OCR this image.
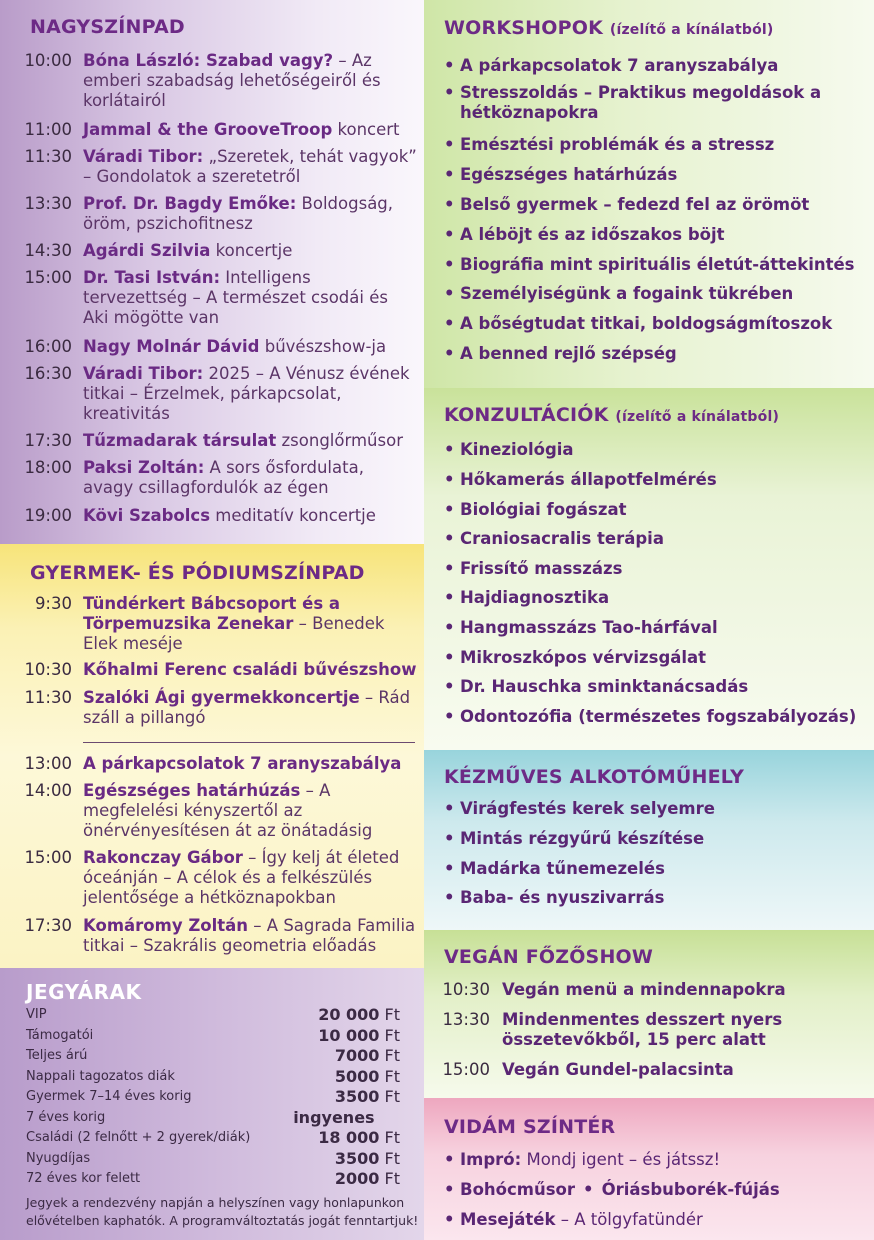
NAGYSZÍNPAD
10:00 Bóna László: Szabad vagy? – Az emberi szabadság lehetőségeiről és korlátairól
11:00 Jammal & the GrooveTroop koncert
11:30 Váradi Tibor: „Szeretek, tehát vagyok” – Gondolatok a szeretetről
13:30 Prof. Dr. Bagdy Emőke: Boldogság, öröm, pszichofitnesz
14:30 Agárdi Szilvia koncertje
15:00 Dr. Tasi István: Intelligens tervezettség – A természet csodái és Aki mögötte van
16:00 Nagy Molnár Dávid bűvészshow-ja
16:30 Váradi Tibor: 2025 – A Vénusz évének titkai – Érzelmek, párkapcsolat, kreativitás
17:30 Tűzmadarak társulat zsonglőrműsor
18:00 Paksi Zoltán: A sors ősfordulata, avagy csillagfordulók az égen
19:00 Kövi Szabolcs meditatív koncertje
GYERMEK- ÉS PÓDIUMSZÍNPAD
9:30 Tündérkert Bábcsoport és a Törpemuzsika Zenekar – Benedek Elek meséje
10:30 Kőhalmi Ferenc családi bűvészshow
11:30 Szalóki Ági gyermekkoncertje – Rád száll a pillangó
13:00 A párkapcsolatok 7 aranyszabálya
14:00 Egészséges határhúzás – A megfelelési kényszertől az önérvényesítésen át az önátadásig
15:00 Rakonczay Gábor – Így kelj át életed óceánján – A célok és a felkészülés jelentősége a hétköznapokban
17:30 Komáromy Zoltán – A Sagrada Familia titkai – Szakrális geometria előadás
JEGYÁRAK
VIP	20 000 Ft
Támogatói	10 000 Ft
Teljes árú	7000 Ft
Nappali tagozatos diák	5000 Ft
Gyermek 7–14 éves korig	3500 Ft
7 éves korig	ingyenes
Családi (2 felnőtt + 2 gyerek/diák)	18 000 Ft
Nyugdíjas	3500 Ft
72 éves kor felett	2000 Ft
Jegyek a rendezvény napján a helyszínen vagy honlapunkon elővételben kaphatók. A programváltoztatás jogát fenntartjuk!
WORKSHOPOK (ízelítő a kínálatból)
• A párkapcsolatok 7 aranyszabálya
• Stresszoldás – Praktikus megoldások a hétköznapokra
• Emésztési problémák és a stressz
• Egészséges határhúzás
• Belső gyermek – fedezd fel az örömöt
• A léböjt és az időszakos böjt
• Biográfia mint spirituális életút-áttekintés
• Személyiségünk a fogaink tükrében
• A bőségtudat titkai, boldogságmítoszok
• A benned rejlő szépség
KONZULTÁCIÓK (ízelítő a kínálatból)
• Kineziológia
• Hőkamerás állapotfelmérés
• Biológiai fogászat
• Craniosacralis terápia
• Frissítő masszázs
• Hajdiagnosztika
• Hangmasszázs Tao-hárfával
• Mikroszkópos vérvizsgálat
• Dr. Hauschka sminktanácsadás
• Odontozófia (természetes fogszabályozás)
KÉZMŰVES ALKOTÓMŰHELY
• Virágfestés kerek selyemre
• Mintás rézgyűrű készítése
• Madárka tűnemezelés
• Baba- és nyuszivarrás
VEGÁN FŐZŐSHOW
10:30 Vegán menü a mindennapokra
13:30 Mindenmentes desszert nyers összetevőkből, 15 perc alatt
15:00 Vegán Gundel-palacsinta
VIDÁM SZÍNTÉR
• Impró: Mondj igent – és játssz!
• Bohócműsor • Óriásbuborék-fújás
• Mesejáték – A tölgyfatündér
